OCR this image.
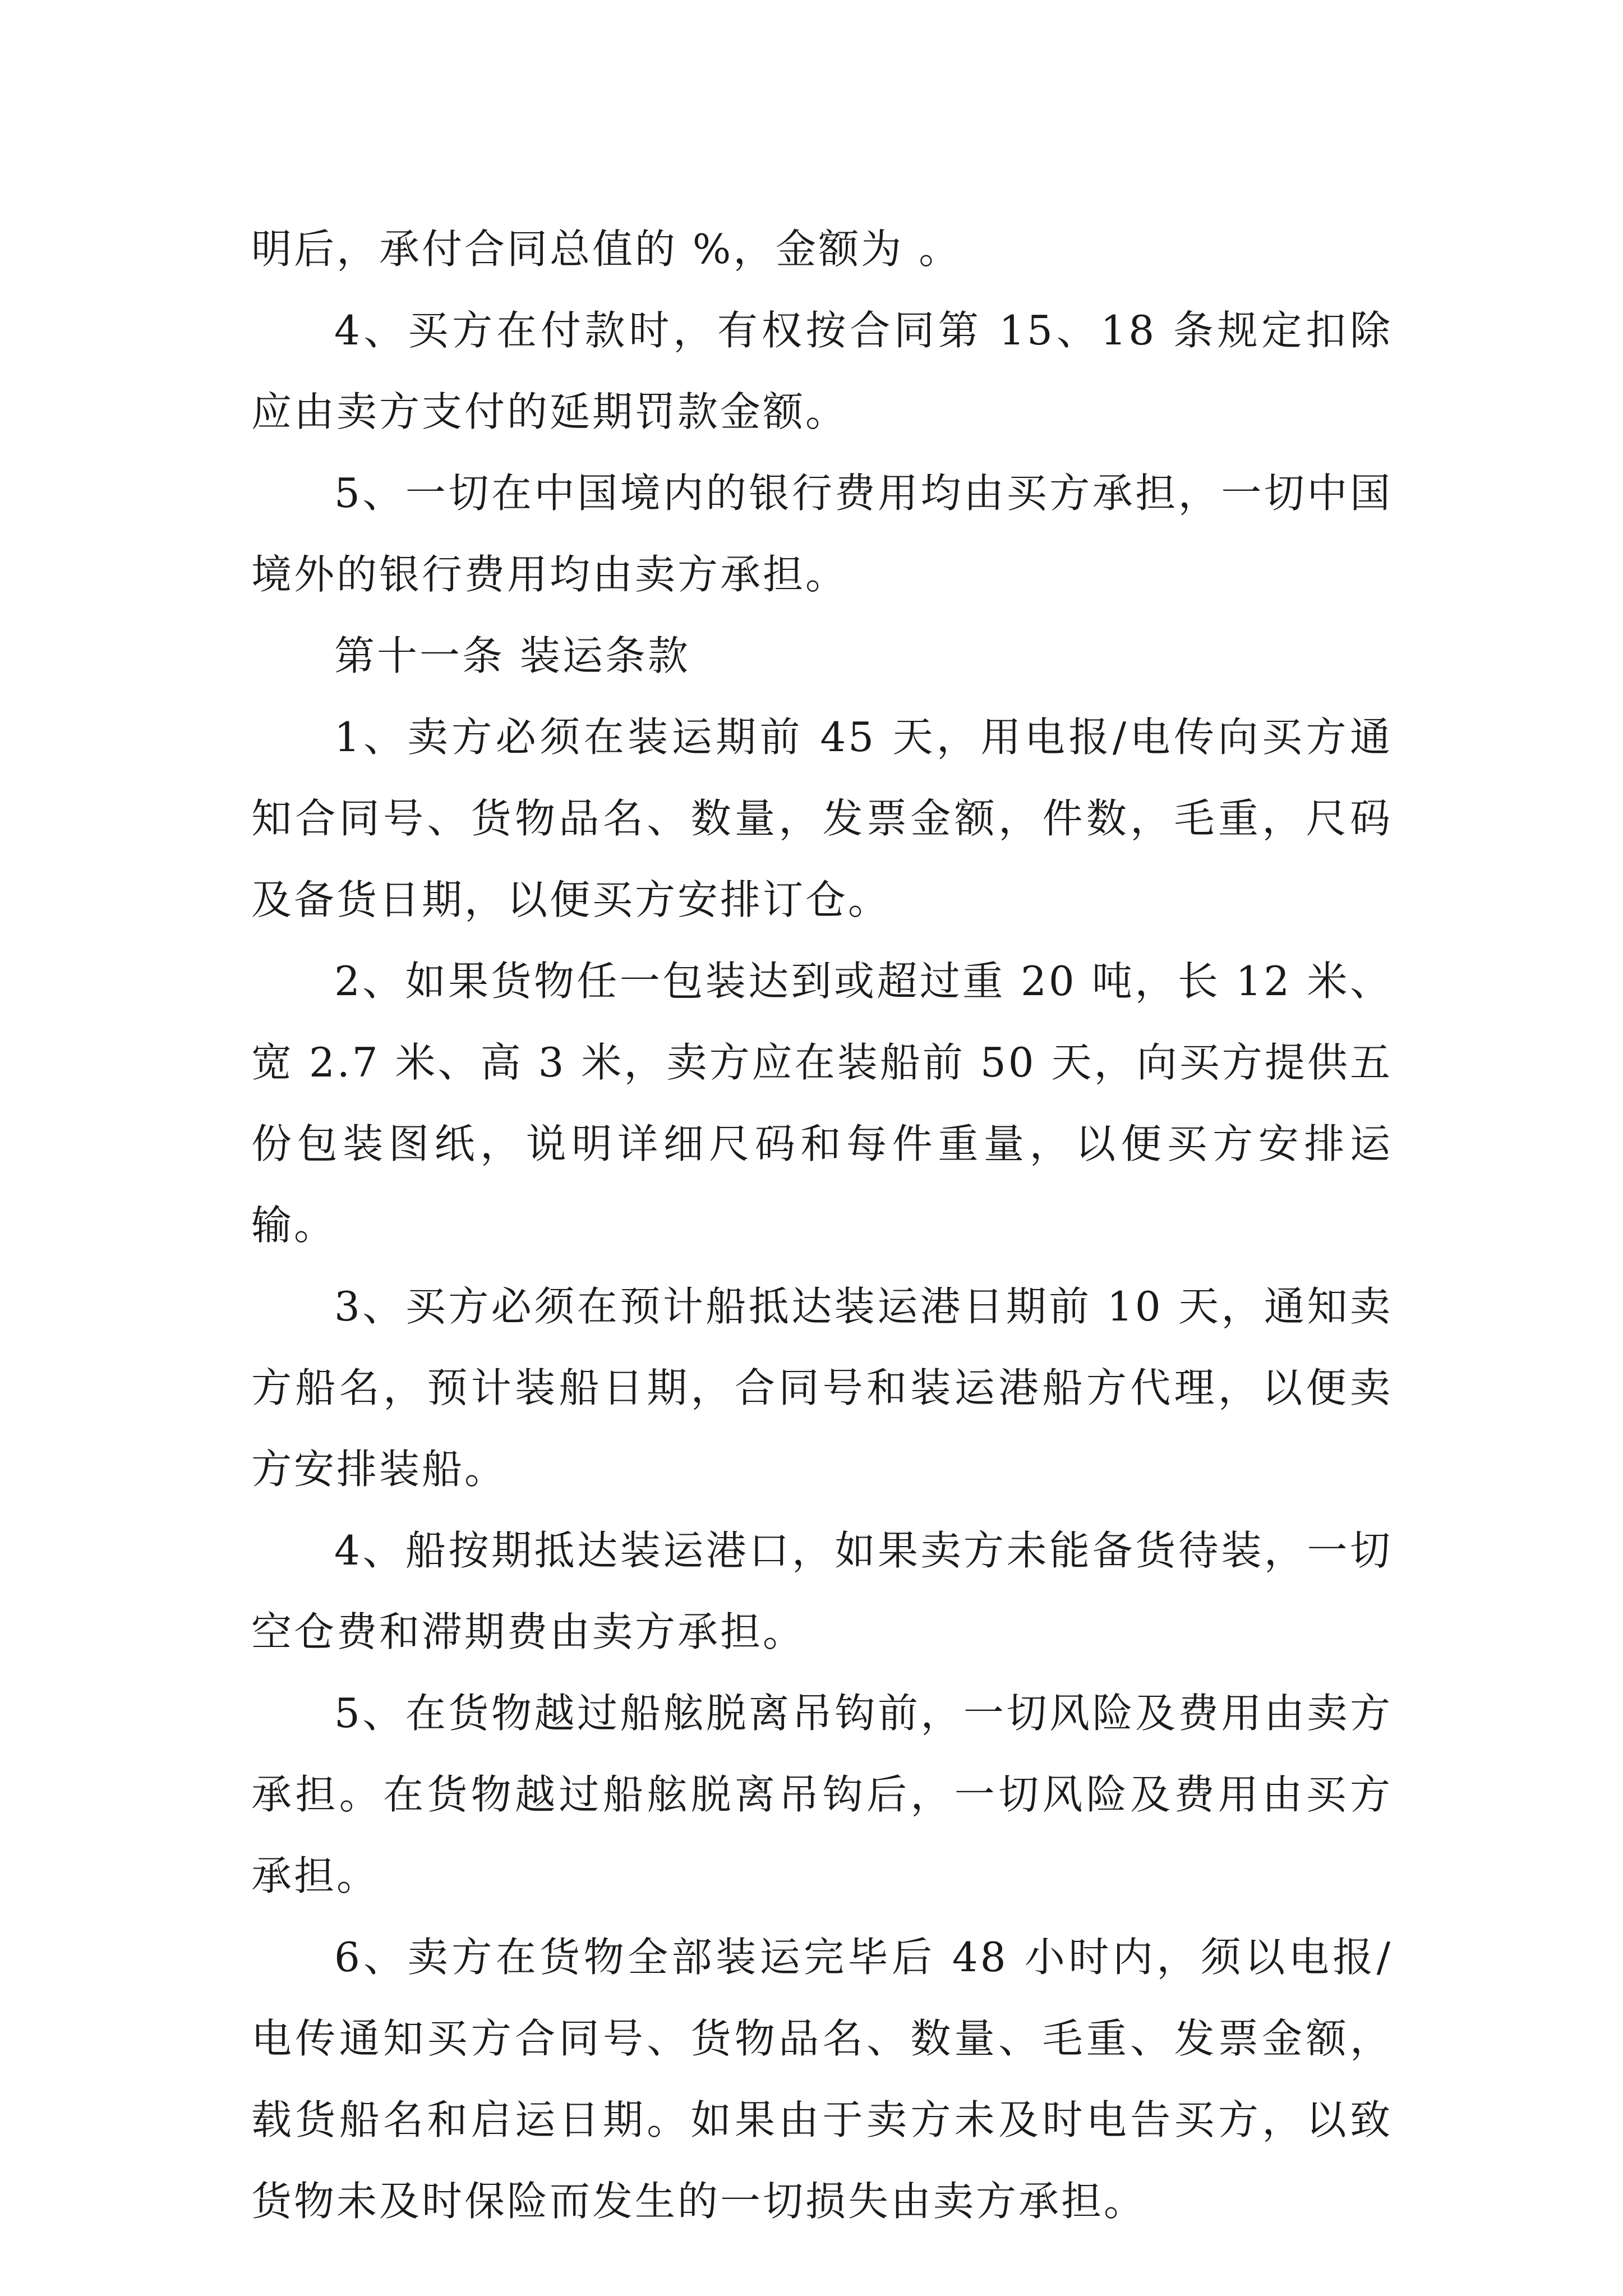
明后，承付合同总值的 %，金额为 。

4、买方在付款时，有权按合同第 15、18 条规定扣除应由卖方支付的延期罚款金额。

5、一切在中国境内的银行费用均由买方承担，一切中国境外的银行费用均由卖方承担。

第十一条 装运条款

1、卖方必须在装运期前 45 天，用电报/电传向买方通知合同号、货物品名、数量，发票金额，件数，毛重，尺码及备货日期，以便买方安排订仓。

2、如果货物任一包装达到或超过重 20 吨，长 12 米、宽 2.7 米、高 3 米，卖方应在装船前 50 天，向买方提供五份包装图纸，说明详细尺码和每件重量，以便买方安排运输。

3、买方必须在预计船抵达装运港日期前 10 天，通知卖方船名，预计装船日期，合同号和装运港船方代理，以便卖方安排装船。

4、船按期抵达装运港口，如果卖方未能备货待装，一切空仓费和滞期费由卖方承担。

5、在货物越过船舷脱离吊钩前，一切风险及费用由卖方承担。在货物越过船舷脱离吊钩后，一切风险及费用由买方承担。

6、卖方在货物全部装运完毕后 48 小时内，须以电报/电传通知买方合同号、货物品名、数量、毛重、发票金额，载货船名和启运日期。如果由于卖方未及时电告买方，以致货物未及时保险而发生的一切损失由卖方承担。
